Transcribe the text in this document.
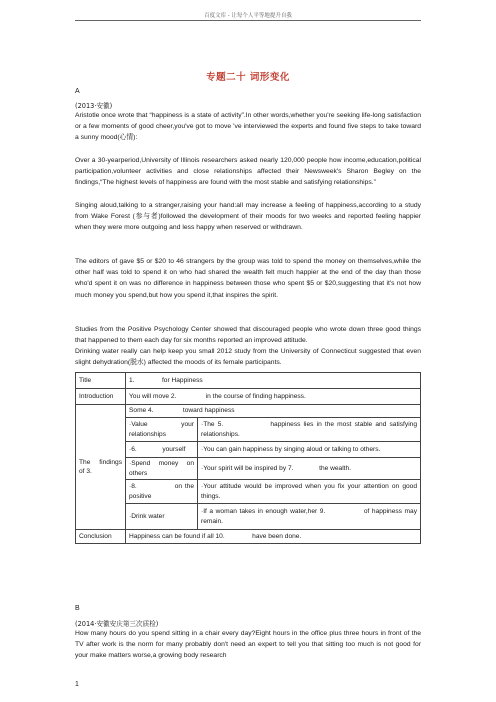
百度文库 - 让每个人平等地提升自我
专题二十 词形变化
A
(2013·安徽)

Aristotle once wrote that “happiness is a state of activity”.In other words,whether you're seeking life-long satisfaction or a few moments of good cheer,you've got to move 've interviewed the experts and found five steps to take toward a sunny mood(心情):

Over a 30-yearperiod,University of Illinois researchers asked nearly 120,000 people how income,education,political participation,volunteer activities and close relationships affected their Newsweek's Sharon Begley on the findings,“The highest levels of happiness are found with the most stable and satisfying relationships.”

Singing aloud,talking to a stranger,raising your hand:all may increase a feeling of happiness,according to a study from Wake Forest (参与者)followed the development of their moods for two weeks and reported feeling happier when they were more outgoing and less happy when reserved or withdrawn.

The editors of gave $5 or $20 to 46 strangers by the group was told to spend the money on themselves,while the other half was told to spend it on who had shared the wealth felt much happier at the end of the day than those who'd spent it on was no difference in happiness between those who spent $5 or $20,suggesting that it's not how much money you spend,but how you spend it,that inspires the spirit.

Studies from the Positive Psychology Center showed that discouraged people who wrote down three good things that happened to them each day for six months reported an improved attitude.

Drinking water really can help keep you small 2012 study from the University of Connecticut suggested that even slight dehydration(脱水) affected the moods of its female participants.

Title	1.               for Happiness	
Introduction	You will move 2.                in the course of finding happiness.	
The findings of 3.	Some 4.                toward happiness	
	·Value your relationships	·The 5.               happiness lies in the most stable and satisfying relationships.
	·6.              yourself	·You can gain happiness by singing aloud or talking to others.
	·Spend money on others	·Your spirit will be inspired by 7.              the wealth.
	·8.              on the positive	·Your attitude would be improved when you fix your attention on good things.
	·Drink water	·If a woman takes in enough water,her 9.               of happiness may remain.
Conclusion	Happiness can be found if all 10.               have been done.	
B
(2014·安徽安庆第三次质检)

How many hours do you spend sitting in a chair every day?Eight hours in the office plus three hours in front of the TV after work is the norm for many probably don't need an expert to tell you that sitting too much is not good for your make matters worse,a growing body research

1
